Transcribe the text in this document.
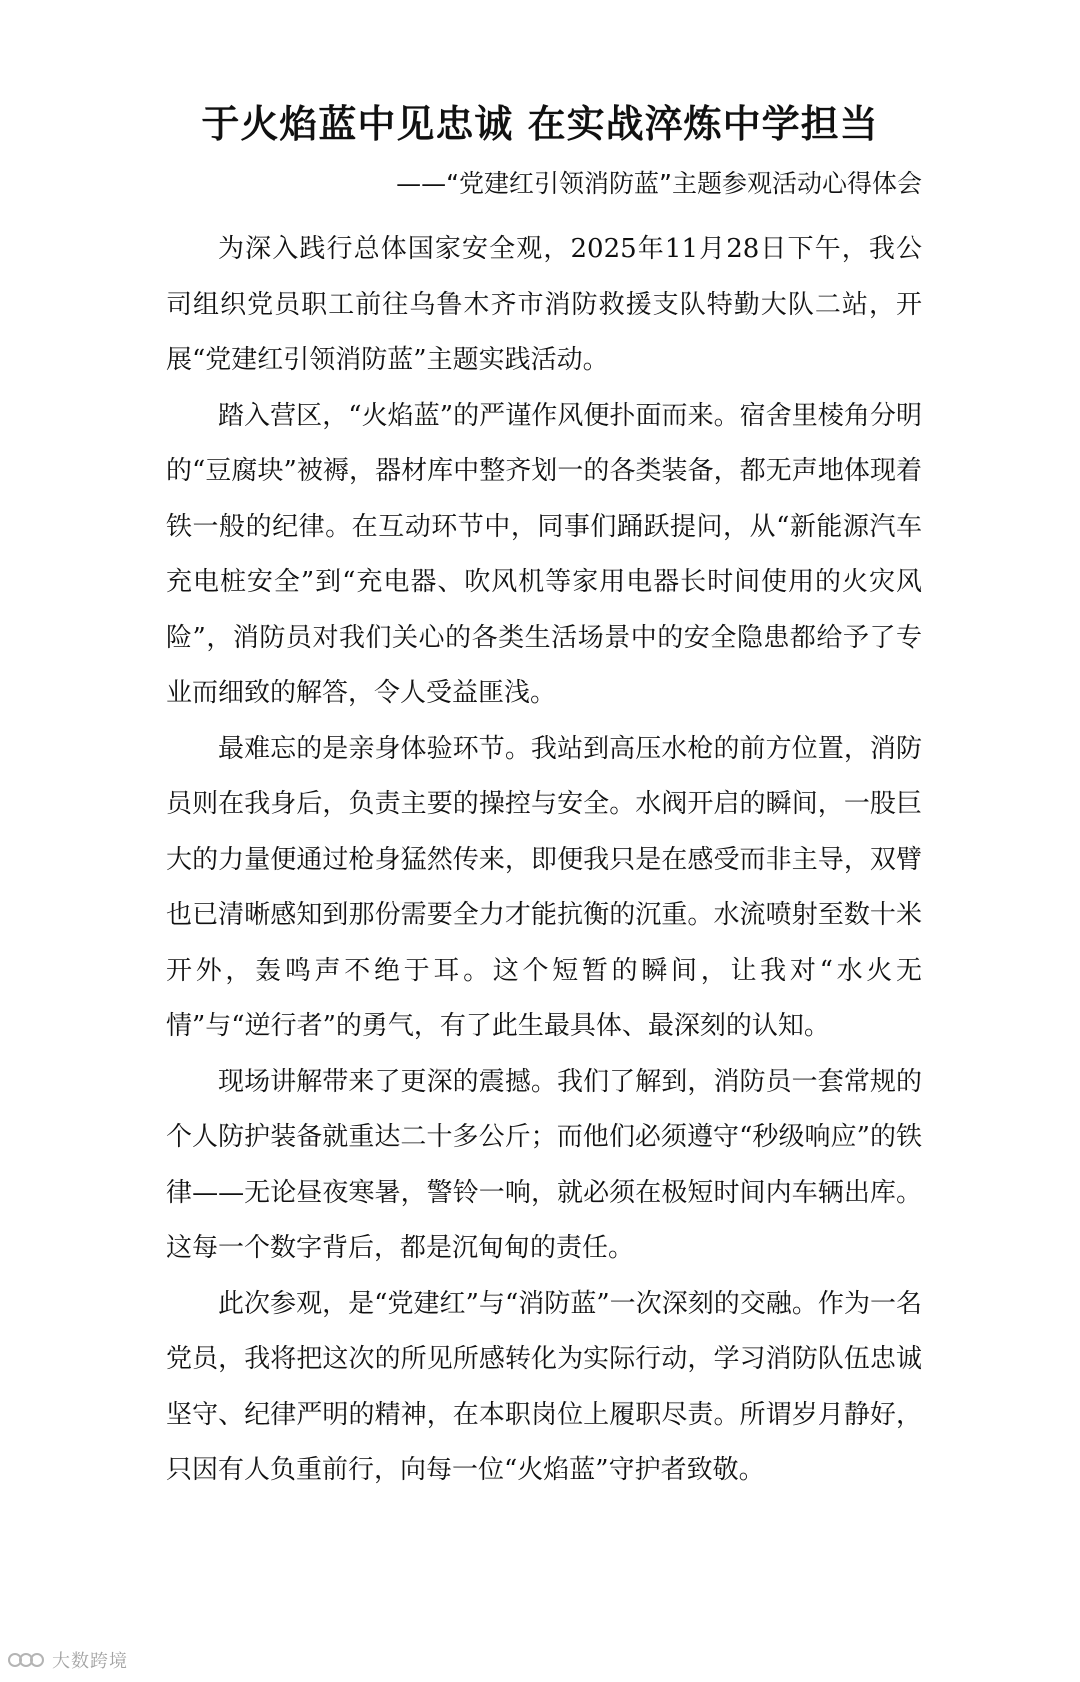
于火焰蓝中见忠诚 在实战淬炼中学担当
——“党建红引领消防蓝”主题参观活动心得体会

为深入践行总体国家安全观，2025年11月28日下午，我公司组织党员职工前往乌鲁木齐市消防救援支队特勤大队二站，开展“党建红引领消防蓝”主题实践活动。

踏入营区，“火焰蓝”的严谨作风便扑面而来。宿舍里棱角分明的“豆腐块”被褥，器材库中整齐划一的各类装备，都无声地体现着铁一般的纪律。在互动环节中，同事们踊跃提问，从“新能源汽车充电桩安全”到“充电器、吹风机等家用电器长时间使用的火灾风险”，消防员对我们关心的各类生活场景中的安全隐患都给予了专业而细致的解答，令人受益匪浅。

最难忘的是亲身体验环节。我站到高压水枪的前方位置，消防员则在我身后，负责主要的操控与安全。水阀开启的瞬间，一股巨大的力量便通过枪身猛然传来，即便我只是在感受而非主导，双臂也已清晰感知到那份需要全力才能抗衡的沉重。水流喷射至数十米开外，轰鸣声不绝于耳。这个短暂的瞬间，让我对“水火无情”与“逆行者”的勇气，有了此生最具体、最深刻的认知。

现场讲解带来了更深的震撼。我们了解到，消防员一套常规的个人防护装备就重达二十多公斤；而他们必须遵守“秒级响应”的铁律——无论昼夜寒暑，警铃一响，就必须在极短时间内车辆出库。这每一个数字背后，都是沉甸甸的责任。

此次参观，是“党建红”与“消防蓝”一次深刻的交融。作为一名党员，我将把这次的所见所感转化为实际行动，学习消防队伍忠诚坚守、纪律严明的精神，在本职岗位上履职尽责。所谓岁月静好，只因有人负重前行，向每一位“火焰蓝”守护者致敬。

大数跨境
